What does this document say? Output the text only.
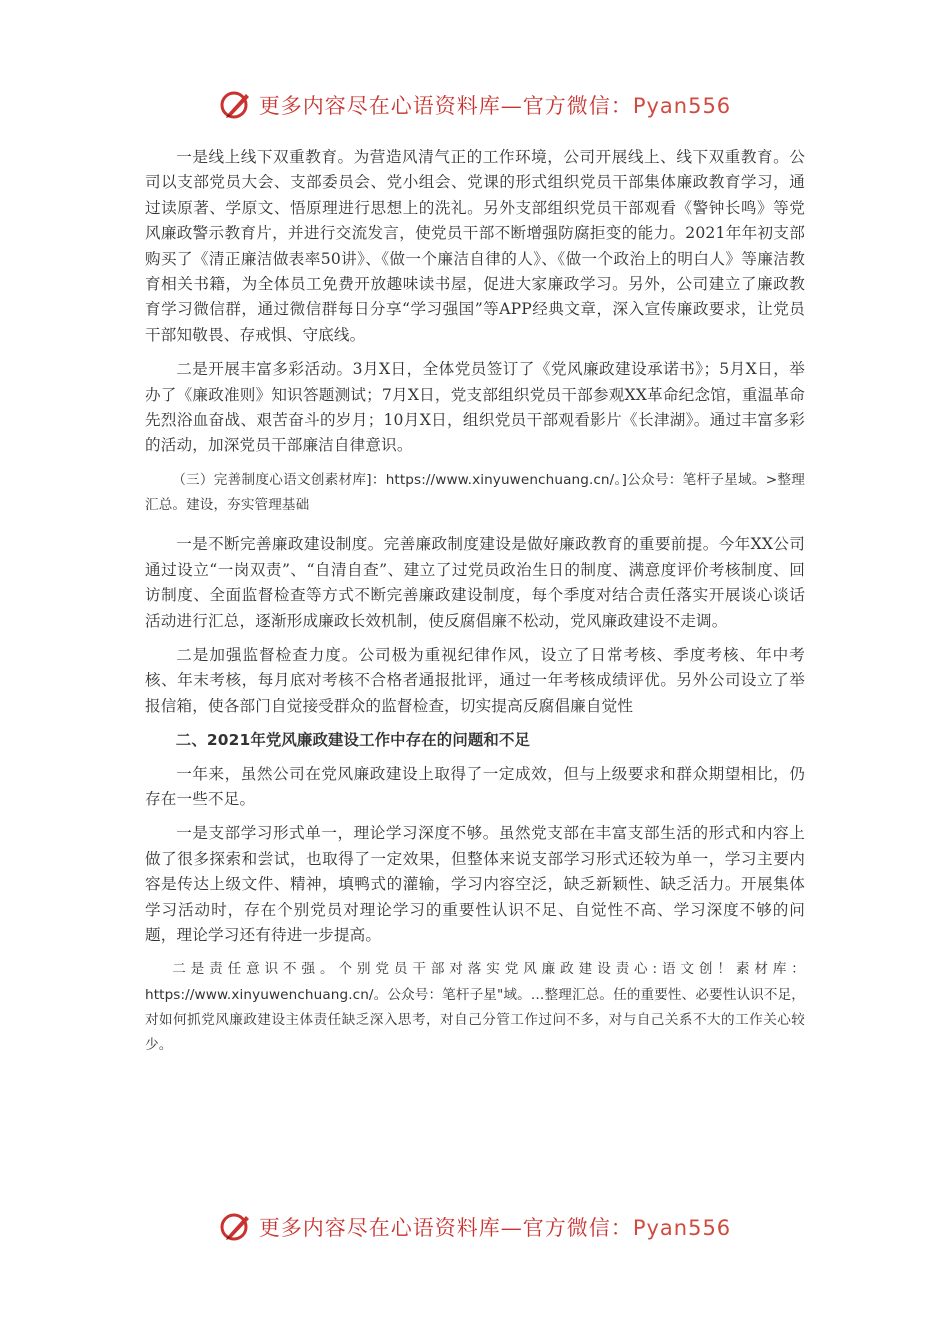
更多内容尽在心语资料库—官方微信：Pyan556

一是线上线下双重教育。为营造风清气正的工作环境，公司开展线上、线下双重教育。公司以支部党员大会、支部委员会、党小组会、党课的形式组织党员干部集体廉政教育学习，通过读原著、学原文、悟原理进行思想上的洗礼。另外支部组织党员干部观看《警钟长鸣》等党风廉政警示教育片，并进行交流发言，使党员干部不断增强防腐拒变的能力。2021年年初支部购买了《清正廉洁做表率50讲》、《做一个廉洁自律的人》、《做一个政治上的明白人》等廉洁教育相关书籍，为全体员工免费开放趣味读书屋，促进大家廉政学习。另外，公司建立了廉政教育学习微信群，通过微信群每日分享“学习强国”等APP经典文章，深入宣传廉政要求，让党员干部知敬畏、存戒惧、守底线。

二是开展丰富多彩活动。3月X日，全体党员签订了《党风廉政建设承诺书》；5月X日，举办了《廉政准则》知识答题测试；7月X日，党支部组织党员干部参观XX革命纪念馆，重温革命先烈浴血奋战、艰苦奋斗的岁月；10月X日，组织党员干部观看影片《长津湖》。通过丰富多彩的活动，加深党员干部廉洁自律意识。

（三）完善制度心语文创素材库]：https://www.xinyuwenchuang.cn/。]公众号：笔杆子星域。>整理汇总。建设，夯实管理基础

一是不断完善廉政建设制度。完善廉政制度建设是做好廉政教育的重要前提。今年XX公司通过设立“一岗双责”、“自清自查”、建立了过党员政治生日的制度、满意度评价考核制度、回访制度、全面监督检查等方式不断完善廉政建设制度，每个季度对结合责任落实开展谈心谈话活动进行汇总，逐渐形成廉政长效机制，使反腐倡廉不松动，党风廉政建设不走调。

二是加强监督检查力度。公司极为重视纪律作风，设立了日常考核、季度考核、年中考核、年末考核，每月底对考核不合格者通报批评，通过一年考核成绩评优。另外公司设立了举报信箱，使各部门自觉接受群众的监督检查，切实提高反腐倡廉自觉性

二、2021年党风廉政建设工作中存在的问题和不足

一年来，虽然公司在党风廉政建设上取得了一定成效，但与上级要求和群众期望相比，仍存在一些不足。

一是支部学习形式单一，理论学习深度不够。虽然党支部在丰富支部生活的形式和内容上做了很多探索和尝试，也取得了一定效果，但整体来说支部学习形式还较为单一，学习主要内容是传达上级文件、精神，填鸭式的灌输，学习内容空泛，缺乏新颖性、缺乏活力。开展集体学习活动时，存在个别党员对理论学习的重要性认识不足、自觉性不高、学习深度不够的问题，理论学习还有待进一步提高。

二是责任意识不强。个别党员干部对落实党风廉政建设责心:语文创！素材库：https://www.xinyuwenchuang.cn/。公众号：笔杆子星"域。…整理汇总。任的重要性、必要性认识不足，对如何抓党风廉政建设主体责任缺乏深入思考，对自己分管工作过问不多，对与自己关系不大的工作关心较少。

更多内容尽在心语资料库—官方微信：Pyan556
